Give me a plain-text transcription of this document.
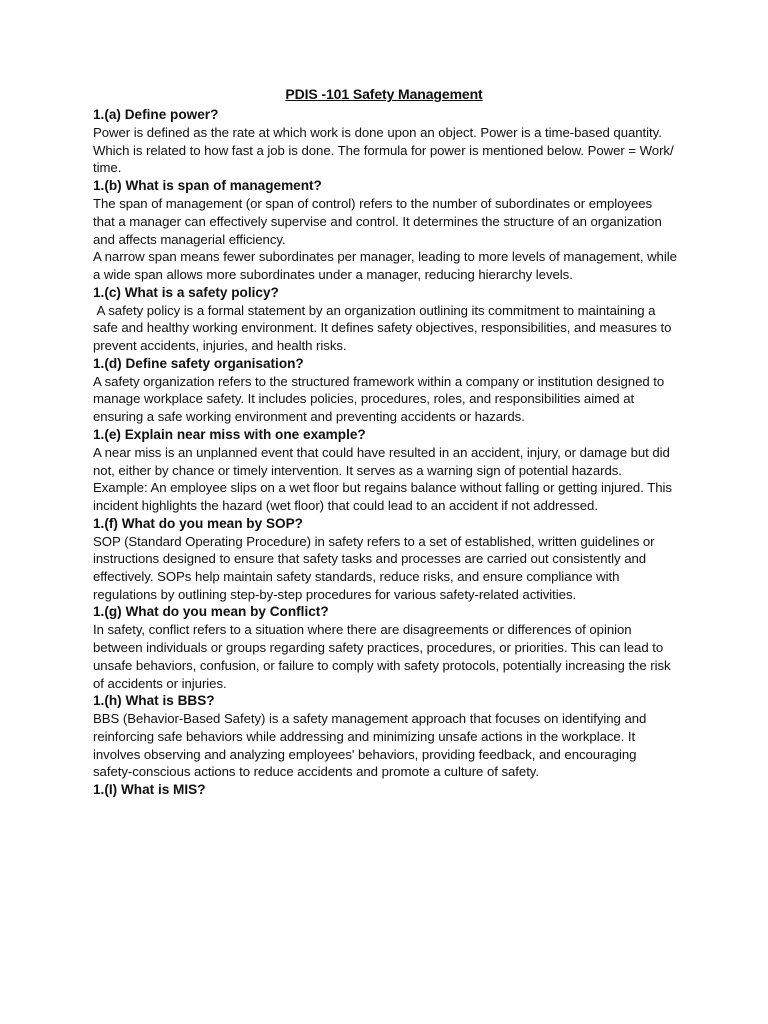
PDIS -101 Safety Management
1.(a) Define power?
Power is defined as the rate at which work is done upon an object. Power is a time-based quantity. Which is related to how fast a job is done. The formula for power is mentioned below. Power = Work/ time.
1.(b) What is span of management?
The span of management (or span of control) refers to the number of subordinates or employees that a manager can effectively supervise and control. It determines the structure of an organization and affects managerial efficiency.
A narrow span means fewer subordinates per manager, leading to more levels of management, while a wide span allows more subordinates under a manager, reducing hierarchy levels.
1.(c) What is a safety policy?
A safety policy is a formal statement by an organization outlining its commitment to maintaining a safe and healthy working environment. It defines safety objectives, responsibilities, and measures to prevent accidents, injuries, and health risks.
1.(d) Define safety organisation?
A safety organization refers to the structured framework within a company or institution designed to manage workplace safety. It includes policies, procedures, roles, and responsibilities aimed at ensuring a safe working environment and preventing accidents or hazards.
1.(e) Explain near miss with one example?
A near miss is an unplanned event that could have resulted in an accident, injury, or damage but did not, either by chance or timely intervention. It serves as a warning sign of potential hazards.
Example: An employee slips on a wet floor but regains balance without falling or getting injured. This incident highlights the hazard (wet floor) that could lead to an accident if not addressed.
1.(f) What do you mean by SOP?
SOP (Standard Operating Procedure) in safety refers to a set of established, written guidelines or instructions designed to ensure that safety tasks and processes are carried out consistently and effectively. SOPs help maintain safety standards, reduce risks, and ensure compliance with regulations by outlining step-by-step procedures for various safety-related activities.
1.(g) What do you mean by Conflict?
In safety, conflict refers to a situation where there are disagreements or differences of opinion between individuals or groups regarding safety practices, procedures, or priorities. This can lead to unsafe behaviors, confusion, or failure to comply with safety protocols, potentially increasing the risk of accidents or injuries.
1.(h) What is BBS?
BBS (Behavior-Based Safety) is a safety management approach that focuses on identifying and reinforcing safe behaviors while addressing and minimizing unsafe actions in the workplace. It involves observing and analyzing employees' behaviors, providing feedback, and encouraging safety-conscious actions to reduce accidents and promote a culture of safety.
1.(I) What is MIS?
